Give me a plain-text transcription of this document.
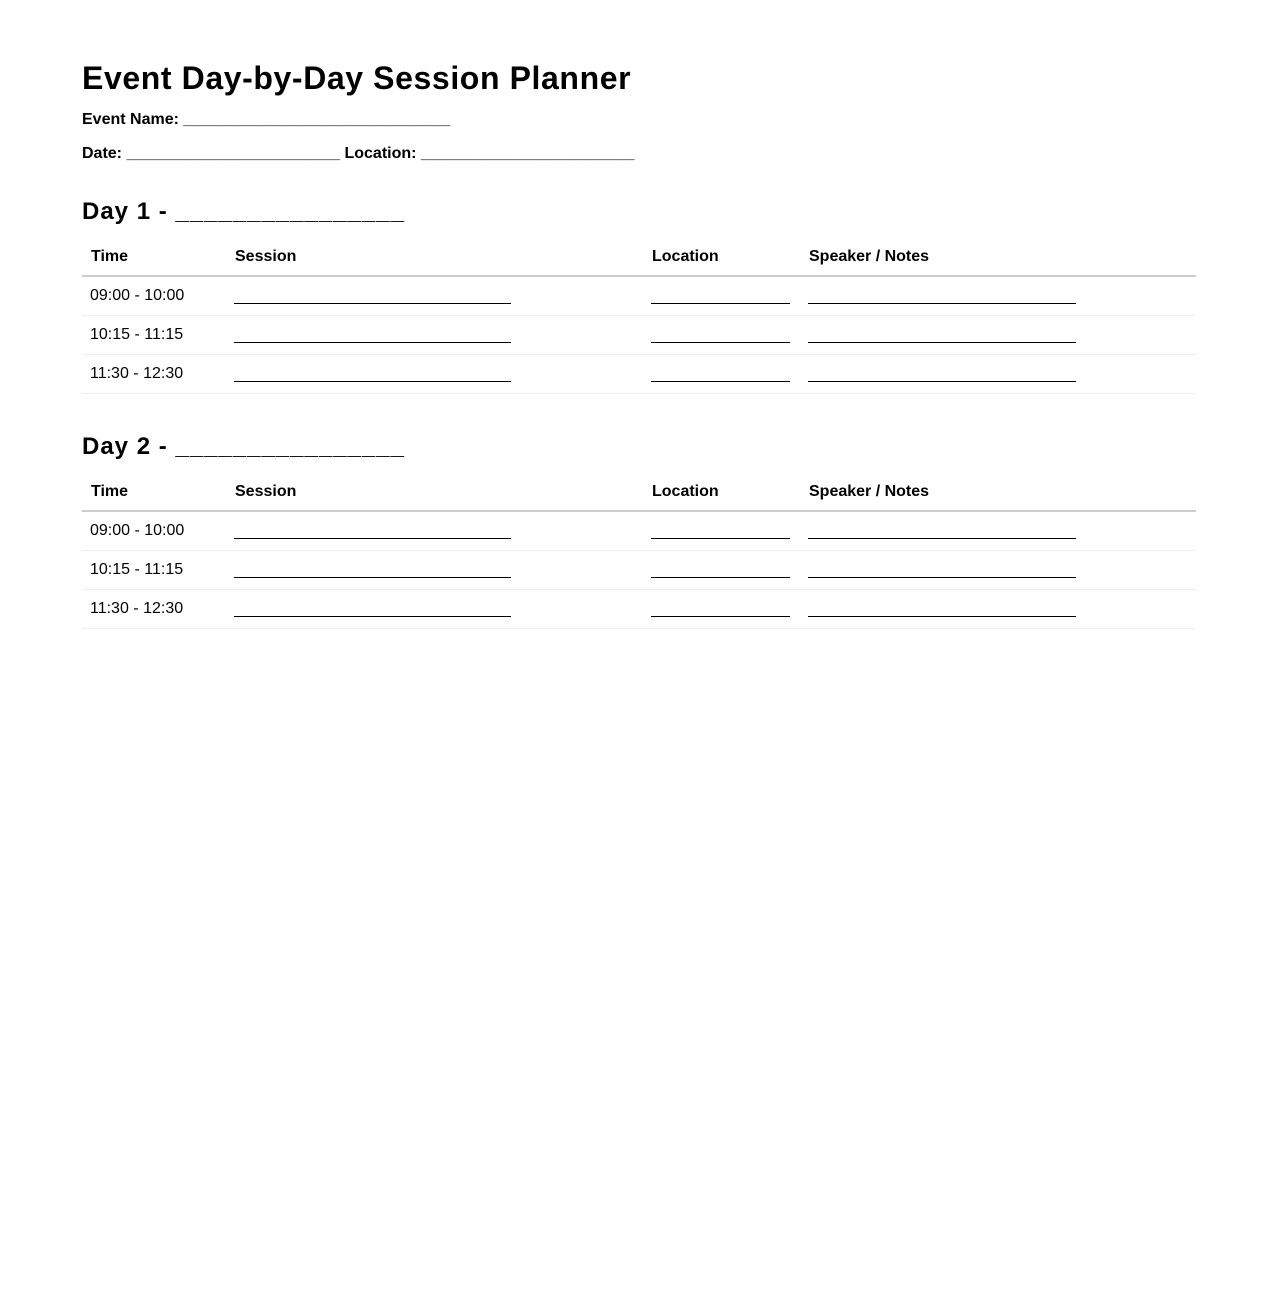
Event Day-by-Day Session Planner
Event Name: ______________________________
Date: ________________________ Location: ________________________
Day 1 - ________________
Time	Session	Location	Speaker / Notes
09:00 - 10:00			
10:15 - 11:15			
11:30 - 12:30			
Day 2 - ________________
Time	Session	Location	Speaker / Notes
09:00 - 10:00			
10:15 - 11:15			
11:30 - 12:30			
